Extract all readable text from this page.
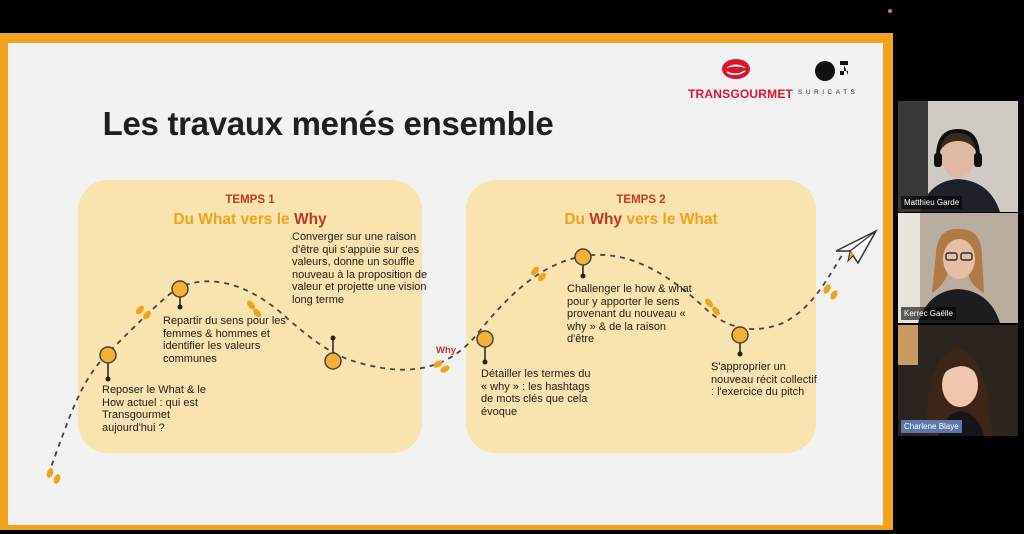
Les travaux menés ensemble
TRANSGOURMET SURICATS
TEMPS 1
Du What vers le Why
TEMPS 2
Du Why vers le What
Why
Reposer le What & le How actuel : qui est Transgourmet aujourd'hui ?
Repartir du sens pour les femmes & hommes et identifier les valeurs communes
Converger sur une raison d'être qui s'appuie sur ces valeurs, donne un souffle nouveau à la proposition de valeur et projette une vision long terme
Détailler les termes du « why » : les hashtags de mots clés que cela évoque
Challenger le how & what pour y apporter le sens provenant du nouveau « why » & de la raison d'être
S'approprier un nouveau récit collectif : l'exercice du pitch
Matthieu Garde
Kerrec Gaëlle
Charlene Blaye
